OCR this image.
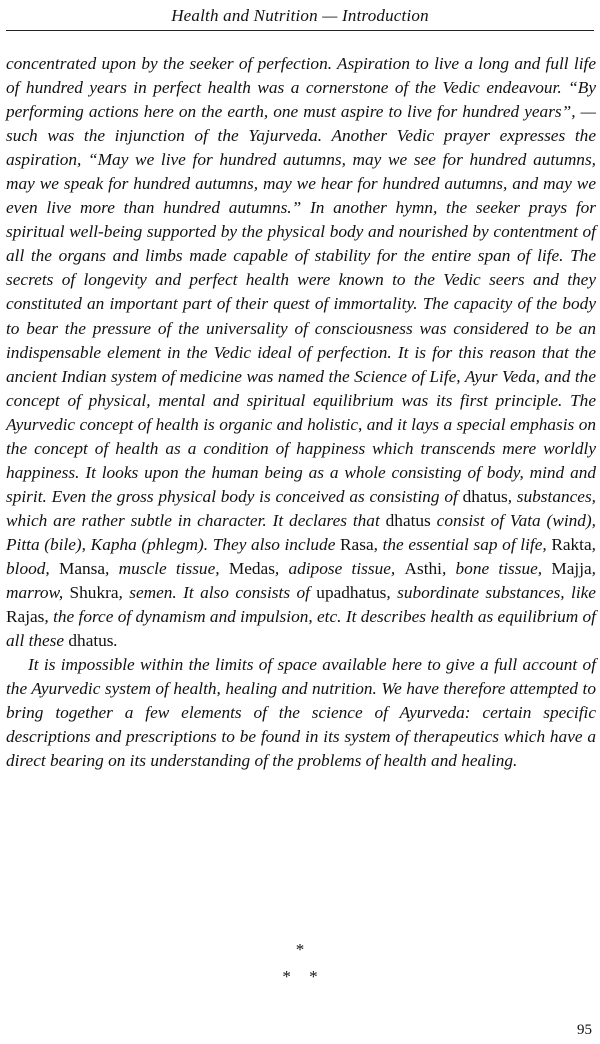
Health and Nutrition — Introduction

concentrated upon by the seeker of perfection. Aspiration to live a long and full life of hundred years in perfect health was a cornerstone of the Vedic endeavour. “By performing actions here on the earth, one must aspire to live for hundred years”, — such was the injunction of the Yajurveda. Another Vedic prayer expresses the aspiration, “May we live for hundred autumns, may we see for hundred autumns, may we speak for hundred autumns, may we hear for hundred autumns, and may we even live more than hundred autumns.” In another hymn, the seeker prays for spiritual well-being supported by the physical body and nourished by contentment of all the organs and limbs made capable of stability for the entire span of life. The secrets of longevity and perfect health were known to the Vedic seers and they constituted an important part of their quest of immortality. The capacity of the body to bear the pressure of the universality of consciousness was considered to be an indispensable element in the Vedic ideal of perfection. It is for this reason that the ancient Indian system of medicine was named the Science of Life, Ayur Veda, and the concept of physical, mental and spiritual equilibrium was its first principle. The Ayurvedic concept of health is organic and holistic, and it lays a special emphasis on the concept of health as a condition of happiness which transcends mere worldly happiness. It looks upon the human being as a whole consisting of body, mind and spirit. Even the gross physical body is conceived as consisting of dhatus, substances, which are rather subtle in character. It declares that dhatus consist of Vata (wind), Pitta (bile), Kapha (phlegm). They also include Rasa, the essential sap of life, Rakta, blood, Mansa, muscle tissue, Medas, adipose tissue, Asthi, bone tissue, Majja, marrow, Shukra, semen. It also consists of upadhatus, subordinate substances, like Rajas, the force of dynamism and impulsion, etc. It describes health as equilibrium of all these dhatus.

It is impossible within the limits of space available here to give a full account of the Ayurvedic system of health, healing and nutrition. We have therefore attempted to bring together a few elements of the science of Ayurveda: certain specific descriptions and prescriptions to be found in its system of therapeutics which have a direct bearing on its understanding of the problems of health and healing.

*
* *
95
